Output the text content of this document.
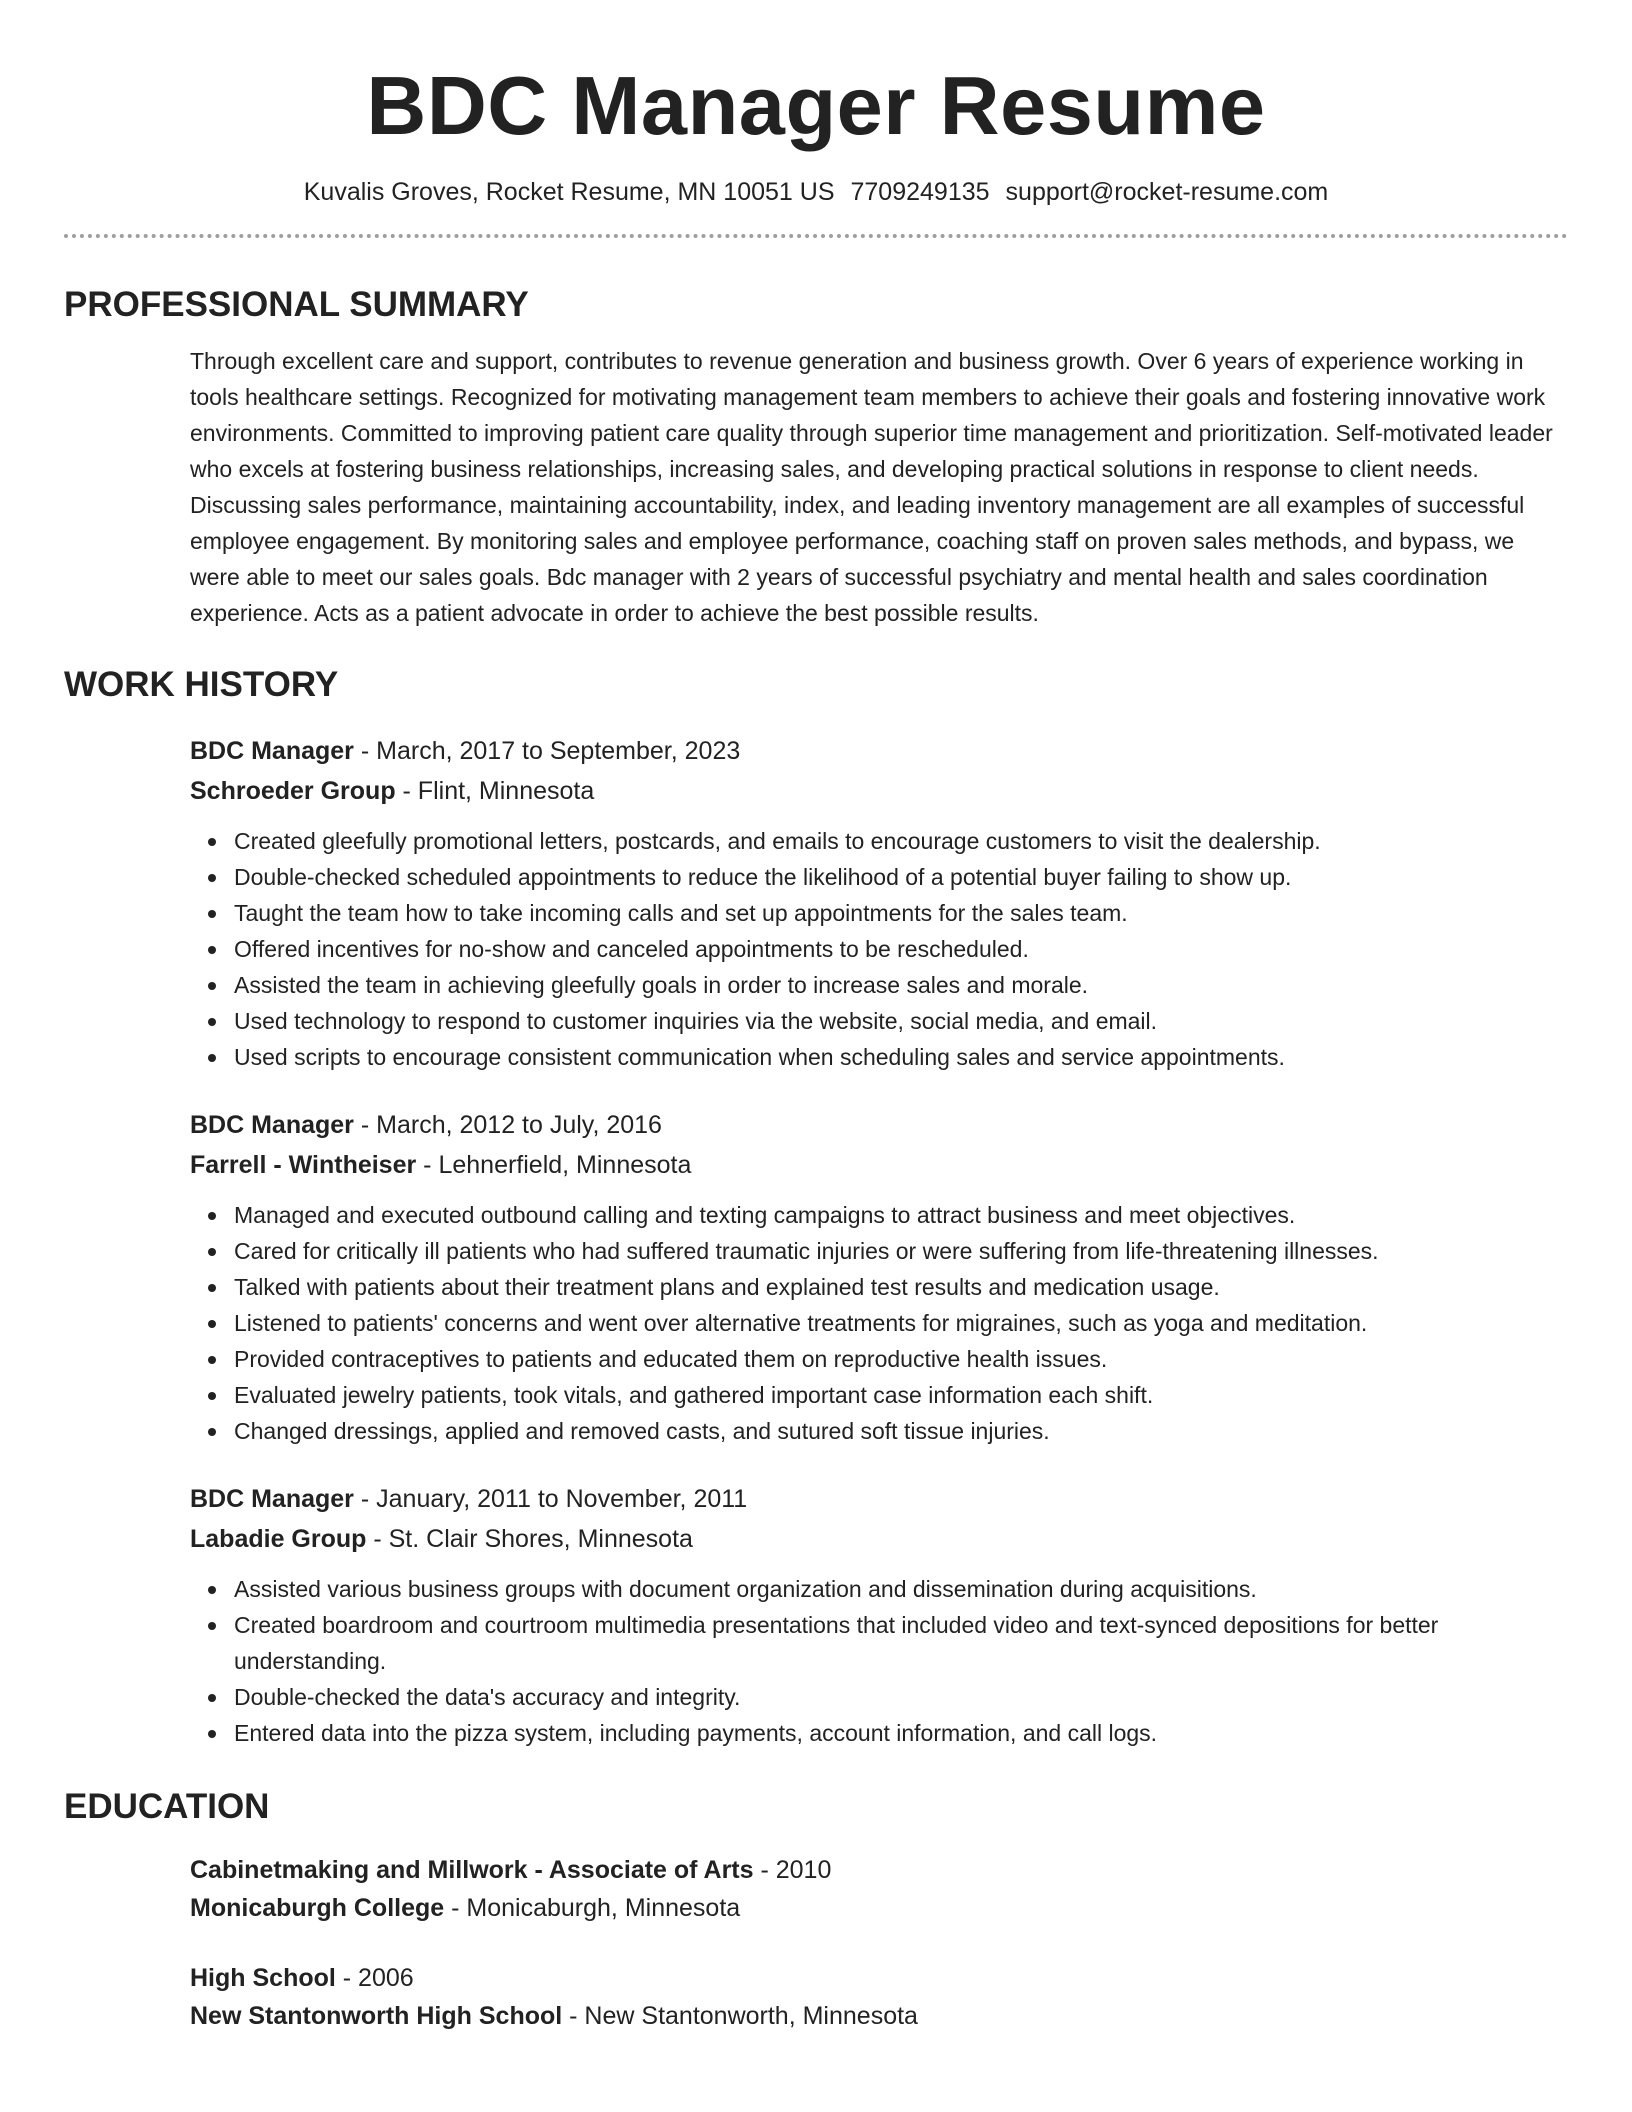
BDC Manager Resume
Kuvalis Groves, Rocket Resume, MN 10051 US 7709249135 support@rocket-resume.com
PROFESSIONAL SUMMARY

Through excellent care and support, contributes to revenue generation and business growth. Over 6 years of experience working in tools healthcare settings. Recognized for motivating management team members to achieve their goals and fostering innovative work environments. Committed to improving patient care quality through superior time management and prioritization. Self-motivated leader who excels at fostering business relationships, increasing sales, and developing practical solutions in response to client needs. Discussing sales performance, maintaining accountability, index, and leading inventory management are all examples of successful employee engagement. By monitoring sales and employee performance, coaching staff on proven sales methods, and bypass, we were able to meet our sales goals. Bdc manager with 2 years of successful psychiatry and mental health and sales coordination experience. Acts as a patient advocate in order to achieve the best possible results.

WORK HISTORY
BDC Manager - March, 2017 to September, 2023
Schroeder Group - Flint, Minnesota
Created gleefully promotional letters, postcards, and emails to encourage customers to visit the dealership.
Double-checked scheduled appointments to reduce the likelihood of a potential buyer failing to show up.
Taught the team how to take incoming calls and set up appointments for the sales team.
Offered incentives for no-show and canceled appointments to be rescheduled.
Assisted the team in achieving gleefully goals in order to increase sales and morale.
Used technology to respond to customer inquiries via the website, social media, and email.
Used scripts to encourage consistent communication when scheduling sales and service appointments.
BDC Manager - March, 2012 to July, 2016
Farrell - Wintheiser - Lehnerfield, Minnesota
Managed and executed outbound calling and texting campaigns to attract business and meet objectives.
Cared for critically ill patients who had suffered traumatic injuries or were suffering from life-threatening illnesses.
Talked with patients about their treatment plans and explained test results and medication usage.
Listened to patients' concerns and went over alternative treatments for migraines, such as yoga and meditation.
Provided contraceptives to patients and educated them on reproductive health issues.
Evaluated jewelry patients, took vitals, and gathered important case information each shift.
Changed dressings, applied and removed casts, and sutured soft tissue injuries.
BDC Manager - January, 2011 to November, 2011
Labadie Group - St. Clair Shores, Minnesota
Assisted various business groups with document organization and dissemination during acquisitions.
Created boardroom and courtroom multimedia presentations that included video and text-synced depositions for better understanding.
Double-checked the data's accuracy and integrity.
Entered data into the pizza system, including payments, account information, and call logs.
EDUCATION
Cabinetmaking and Millwork - Associate of Arts - 2010
Monicaburgh College - Monicaburgh, Minnesota
High School - 2006
New Stantonworth High School - New Stantonworth, Minnesota
